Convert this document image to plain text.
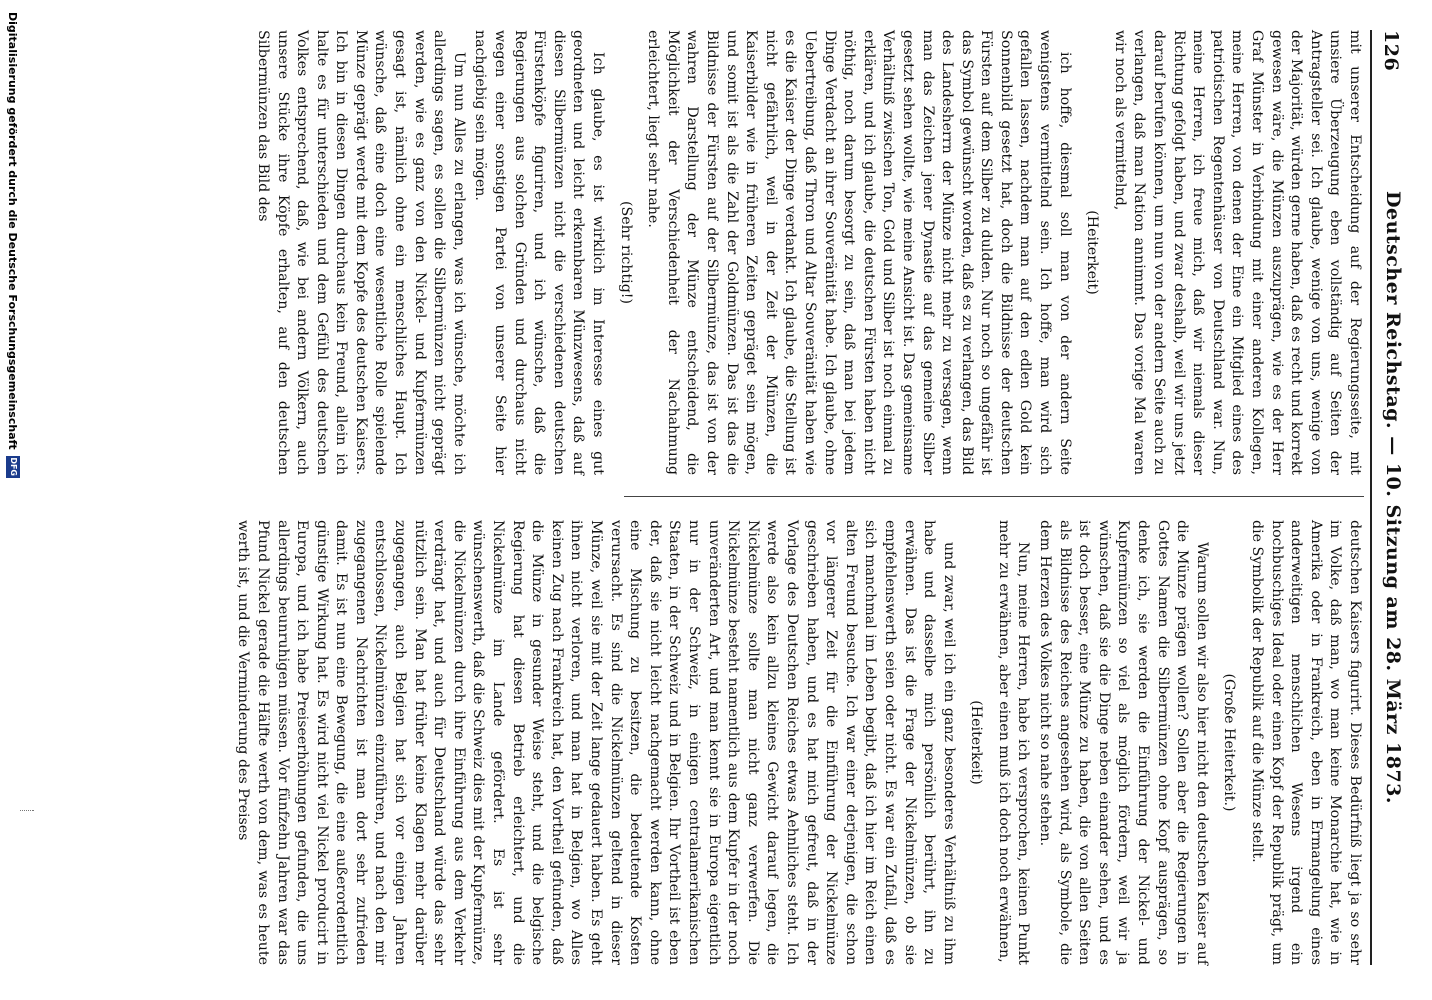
126
Deutscher Reichstag. — 10. Sitzung am 28. März 1873.

mit unserer Entscheidung auf der Regierungsseite, mit unsiere Überzeugung eben vollständig auf Seiten der Antragsteller sei. Ich glaube, wenige von uns, wenige von der Majorität, würden gerne haben, daß es recht und korrekt gewesen wäre, die Münzen auszuprägen, wie es der Herr Graf Münster in Verbindung mit einer anderen Kollegen, meine Herren, von denen der Eine ein Mitglied eines des patriotischen Regentenhäuser von Deutschland war. Nun, meine Herren, ich freue mich, daß wir niemals dieser Richtung gefolgt haben, und zwar deshalb, weil wir uns jetzt darauf berufen können, um nun von der andern Seite auch zu verlangen, daß man Nation annimmt. Das vorige Mal waren wir noch als vermittelnd,

(Heiterkeit)

ich hoffe, diesmal soll man von der andern Seite wenigstens vermittelnd sein. Ich hoffe, man wird sich gefallen lassen, nachdem man auf den edlen Gold kein Sonnenbild gesetzt hat, doch die Bildnisse der deutschen Fürsten auf dem Silber zu dulden. Nur noch so ungefähr ist das Symbol gewünscht worden, daß es zu verlangen, das Bild des Landesherrn der Münze nicht mehr zu versagen, wenn man das Zeichen jener Dynastie auf das gemeine Silber gesetzt sehen wollte, wie meine Ansicht ist. Das gemeinsame Verhältniß zwischen Ton, Gold und Silber ist noch einmal zu erklären, und ich glaube, die deutschen Fürsten haben nicht nöthig, noch darum besorgt zu sein, daß man bei jedem Dinge Verdacht an ihrer Souveränität habe. Ich glaube, ohne Uebertreibung, daß Thron und Altar Souveränität haben wie es die Kaiser der Dinge verdankt. Ich glaube, die Stellung ist nicht gefährlich, weil in der Zeit der Münzen, die Kaiserbilder wie in früheren Zeiten gepräget sein mögen, und somit ist als die Zahl der Goldmünzen. Das ist das die Bildnisse der Fürsten auf der Silbermünze, das ist von der wahren Darstellung der Münze entscheidend, die Möglichkeit der Verschiedenheit der Nachahmung erleichtert, liegt sehr nahe.

(Sehr richtig!)

Ich glaube, es ist wirklich im Interesse eines gut geordneten und leicht erkennbaren Münzwesens, daß auf diesen Silbermünzen nicht die verschiedenen deutschen Fürstenköpfe figuriren, und ich wünsche, daß die Regierungen aus solchen Gründen und durchaus nicht wegen einer sonstigen Partei von unserer Seite hier nachgiebig sein mögen.

Um nun Alles zu erlangen, was ich wünsche, möchte ich allerdings sagen, es sollen die Silbermünzen nicht geprägt werden, wie es ganz von den Nickel- und Kupfermünzen gesagt ist, nämlich ohne ein menschliches Haupt. Ich wünsche, daß eine doch eine wesentliche Rolle spielende Münze geprägt werde mit dem Kopfe des deutschen Kaisers. Ich bin in diesen Dingen durchaus kein Freund, allein ich halte es für unterschieden und dem Gefühl des deutschen Volkes entsprechend, daß, wie bei andern Völkern, auch unsere Stücke ihre Köpfe erhalten, auf den deutschen Silbermünzen das Bild des

deutschen Kaisers figurirt. Dieses Bedürfniß liegt ja so sehr im Volke, daß man, wo man keine Monarchie hat, wie in Amerika oder in Frankreich, eben in Ermangelung eines anderweitigen menschlichen Wesens irgend ein hochbuschiges Ideal oder einen Kopf der Republik prägt, um die Symbolik der Republik auf die Münze stellt.

(Große Heiterkeit.)

Warum sollen wir also hier nicht den deutschen Kaiser auf die Münze prägen wollen? Sollen aber die Regierungen in Gottes Namen die Silbermünzen ohne Kopf ausprägen, so denke ich, sie werden die Einführung der Nickel- und Kupfermünzen so viel als möglich fördern, weil wir ja wünschen, daß sie die Dinge neben einander sehen, und es ist doch besser, eine Münze zu haben, die von allen Seiten als Bildnisse des Reiches angesehen wird, als Symbole, die dem Herzen des Volkes nicht so nahe stehen.

Nun, meine Herren, habe ich versprochen, keinen Punkt mehr zu erwähnen, aber einen muß ich doch noch erwähnen,

(Heiterkeit)

und zwar, weil ich ein ganz besonderes Verhältniß zu ihm habe und dasselbe mich persönlich berührt, ihn zu erwähnen. Das ist die Frage der Nickelmünzen, ob sie empfehlenswerth seien oder nicht. Es war ein Zufall, daß es sich manchmal im Leben begibt, daß ich hier im Reich einen alten Freund besuche. Ich war einer derjenigen, die schon vor längerer Zeit für die Einführung der Nickelmünze geschrieben haben, und es hat mich gefreut, daß in der Vorlage des Deutschen Reiches etwas Aehnliches steht. Ich werde also kein allzu kleines Gewicht darauf legen, die Nickelmünze sollte man nicht ganz verwerfen. Die Nickelmünze besteht namentlich aus dem Kupfer in der noch unveränderten Art, und man kennt sie in Europa eigentlich nur in der Schweiz, in einigen centralamerikanischen Staaten, in der Schweiz und in Belgien. Ihr Vortheil ist eben der, daß sie nicht leicht nachgemacht werden kann, ohne eine Mischung zu besitzen, die bedeutende Kosten verursacht. Es sind die Nickelmünzen geltend in dieser Münze, weil sie mit der Zeit lange gedauert haben. Es geht ihnen nicht verloren, und man hat in Belgien, wo Alles keinen Zug nach Frankreich hat, den Vortheil gefunden, daß die Münze in gesunder Weise steht, und die belgische Regierung hat diesen Betrieb erleichtert, und die Nickelmünze im Lande gefördert. Es ist sehr wünschenswerth, daß die Schweiz dies mit der Kupfermünze, die Nickelmünzen durch ihre Einführung aus dem Verkehr verdrängt hat, und auch für Deutschland würde das sehr nützlich sein. Man hat früher keine Klagen mehr darüber zugegangen, auch Belgien hat sich vor einigen Jahren entschlossen, Nickelmünzen einzuführen, und nach den mir zugegangenen Nachrichten ist man dort sehr zufrieden damit. Es ist nun eine Bewegung, die eine außerordentlich günstige Wirkung hat. Es wird nicht viel Nickel producirt in Europa, und ich habe Preiseerhöhungen gefunden, die uns allerdings beunruhigen müssen. Vor fünfzehn Jahren war das Pfund Nickel gerade die Hälfte werth von dem, was es heute werth ist, und die Verminderung des Preises

Digitalisierung gefördert durch die Deutsche Forschungsgemeinschaft
DFG
